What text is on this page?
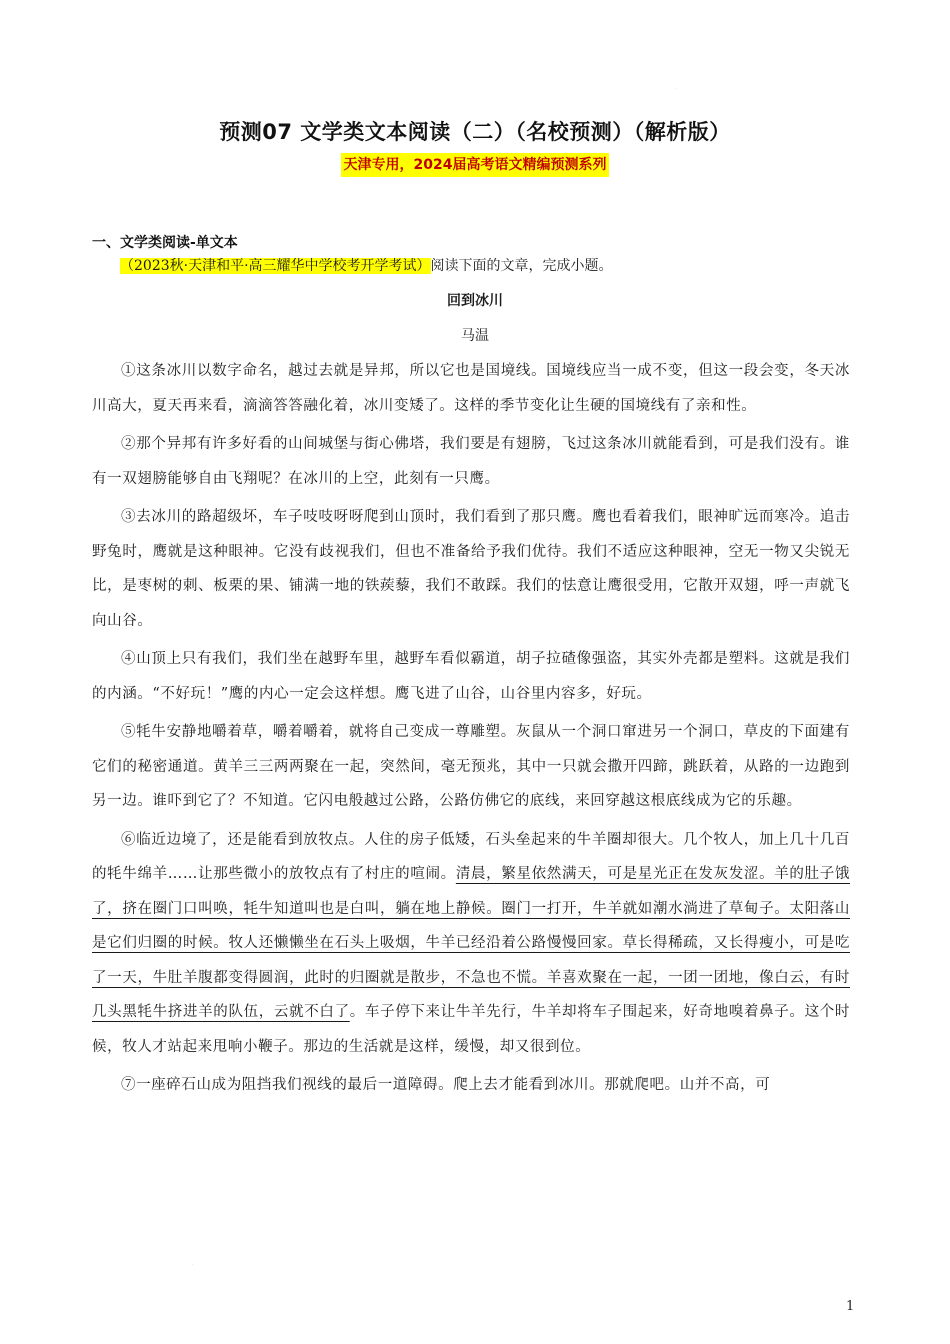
·
预测07 文学类文本阅读（二）（名校预测）（解析版）
天津专用，2024届高考语文精编预测系列
一、文学类阅读-单文本
（2023秋·天津和平·高三耀华中学校考开学考试）阅读下面的文章，完成小题。
回到冰川
马温

①这条冰川以数字命名，越过去就是异邦，所以它也是国境线。国境线应当一成不变，但这一段会变，冬天冰川高大，夏天再来看，滴滴答答融化着，冰川变矮了。这样的季节变化让生硬的国境线有了亲和性。

②那个异邦有许多好看的山间城堡与街心佛塔，我们要是有翅膀，飞过这条冰川就能看到，可是我们没有。谁有一双翅膀能够自由飞翔呢？在冰川的上空，此刻有一只鹰。

③去冰川的路超级坏，车子吱吱呀呀爬到山顶时，我们看到了那只鹰。鹰也看着我们，眼神旷远而寒冷。追击野兔时，鹰就是这种眼神。它没有歧视我们，但也不准备给予我们优待。我们不适应这种眼神，空无一物又尖锐无比，是枣树的刺、板栗的果、铺满一地的铁蒺藜，我们不敢踩。我们的怯意让鹰很受用，它散开双翅，呼一声就飞向山谷。

④山顶上只有我们，我们坐在越野车里，越野车看似霸道，胡子拉碴像强盗，其实外壳都是塑料。这就是我们的内涵。“不好玩！”鹰的内心一定会这样想。鹰飞进了山谷，山谷里内容多，好玩。

⑤牦牛安静地嚼着草，嚼着嚼着，就将自己变成一尊雕塑。灰鼠从一个洞口窜进另一个洞口，草皮的下面建有它们的秘密通道。黄羊三三两两聚在一起，突然间，毫无预兆，其中一只就会撒开四蹄，跳跃着，从路的一边跑到另一边。谁吓到它了？不知道。它闪电般越过公路，公路仿佛它的底线，来回穿越这根底线成为它的乐趣。

⑥临近边境了，还是能看到放牧点。人住的房子低矮，石头垒起来的牛羊圈却很大。几个牧人，加上几十几百的牦牛绵羊……让那些微小的放牧点有了村庄的喧闹。清晨，繁星依然满天，可是星光正在发灰发涩。羊的肚子饿了，挤在圈门口叫唤，牦牛知道叫也是白叫，躺在地上静候。圈门一打开，牛羊就如潮水淌进了草甸子。太阳落山是它们归圈的时候。牧人还懒懒坐在石头上吸烟，牛羊已经沿着公路慢慢回家。草长得稀疏，又长得瘦小，可是吃了一天，牛肚羊腹都变得圆润，此时的归圈就是散步，不急也不慌。羊喜欢聚在一起，一团一团地，像白云，有时几头黑牦牛挤进羊的队伍，云就不白了。车子停下来让牛羊先行，牛羊却将车子围起来，好奇地嗅着鼻子。这个时候，牧人才站起来甩响小鞭子。那边的生活就是这样，缓慢，却又很到位。

⑦一座碎石山成为阻挡我们视线的最后一道障碍。爬上去才能看到冰川。那就爬吧。山并不高，可

·
1
